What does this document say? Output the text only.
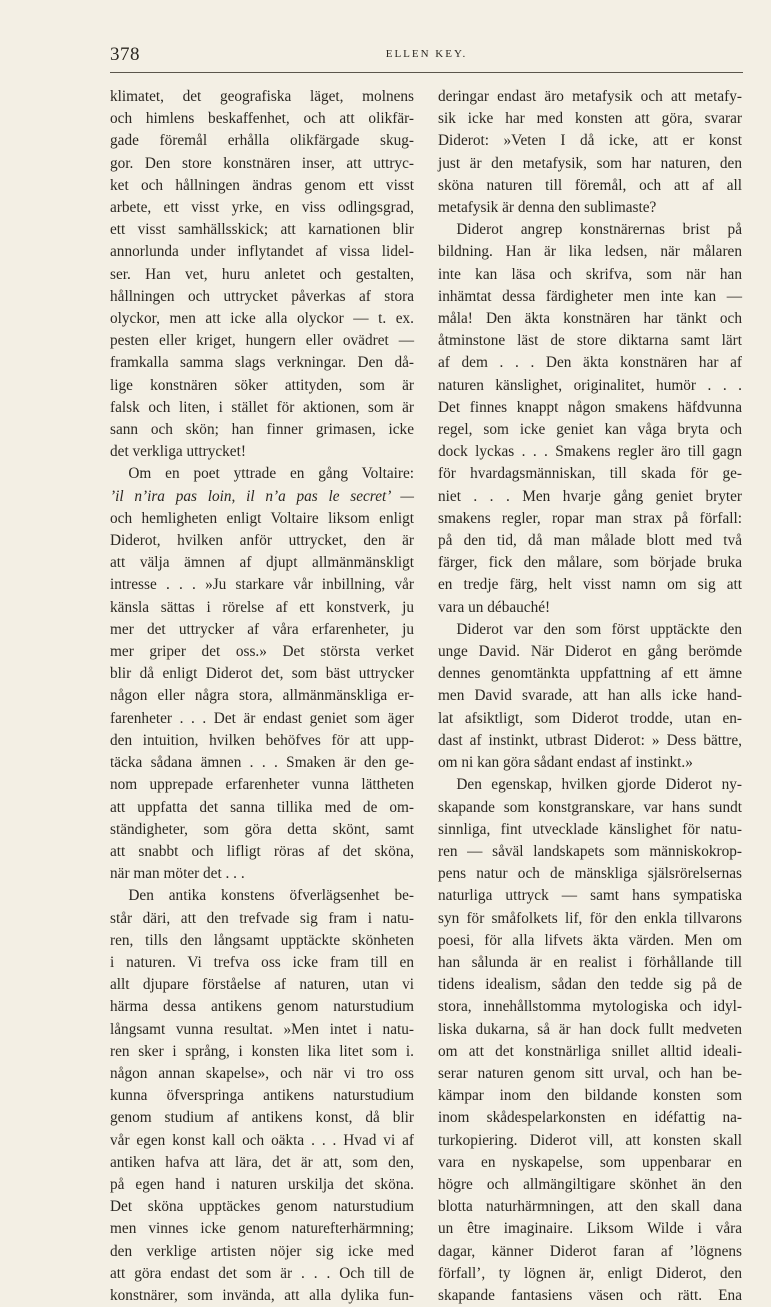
378	ELLEN KEY.

klimatet, det geografiska läget, molnens

och himlens beskaffenhet, och att olikfär-

gade föremål erhålla olikfärgade skug-

gor. Den store konstnären inser, att uttryc-

ket och hållningen ändras genom ett visst

arbete, ett visst yrke, en viss odlingsgrad,

ett visst samhällsskick; att karnationen blir

annorlunda under inflytandet af vissa lidel-

ser. Han vet, huru anletet och gestalten,

hållningen och uttrycket påverkas af stora

olyckor, men att icke alla olyckor — t. ex.

pesten eller kriget, hungern eller ovädret —

framkalla samma slags verkningar. Den då-

lige konstnären söker attityden, som är

falsk och liten, i stället för aktionen, som är

sann och skön; han finner grimasen, icke

det verkliga uttrycket!

Om en poet yttrade en gång Voltaire:

’il n’ira pas loin, il n’a pas le secret’ —

och hemligheten enligt Voltaire liksom enligt

Diderot, hvilken anför uttrycket, den är

att välja ämnen af djupt allmänmänskligt

intresse . . . »Ju starkare vår inbillning, vår

känsla sättas i rörelse af ett konstverk, ju

mer det uttrycker af våra erfarenheter, ju

mer griper det oss.» Det största verket

blir då enligt Diderot det, som bäst uttrycker

någon eller några stora, allmänmänskliga er-

farenheter . . . Det är endast geniet som äger

den intuition, hvilken behöfves för att upp-

täcka sådana ämnen . . . Smaken är den ge-

nom upprepade erfarenheter vunna lättheten

att uppfatta det sanna tillika med de om-

ständigheter, som göra detta skönt, samt

att snabbt och lifligt röras af det sköna,

när man möter det . . .

Den antika konstens öfverlägsenhet be-

står däri, att den trefvade sig fram i natu-

ren, tills den långsamt upptäckte skönheten

i naturen. Vi trefva oss icke fram till en

allt djupare förståelse af naturen, utan vi

härma dessa antikens genom naturstudium

långsamt vunna resultat. »Men intet i natu-

ren sker i språng, i konsten lika litet som i.

någon annan skapelse», och när vi tro oss

kunna öfverspringa antikens naturstudium

genom studium af antikens konst, då blir

vår egen konst kall och oäkta . . . Hvad vi af

antiken hafva att lära, det är att, som den,

på egen hand i naturen urskilja det sköna.

Det sköna upptäckes genom naturstudium

men vinnes icke genom naturefterhärmning;

den verklige artisten nöjer sig icke med

att göra endast det som är . . . Och till de

konstnärer, som invända, att alla dylika fun-

deringar endast äro metafysik och att metafy-

sik icke har med konsten att göra, svarar

Diderot: »Veten I då icke, att er konst

just är den metafysik, som har naturen, den

sköna naturen till föremål, och att af all

metafysik är denna den sublimaste?

Diderot angrep konstnärernas brist på

bildning. Han är lika ledsen, när målaren

inte kan läsa och skrifva, som när han

inhämtat dessa färdigheter men inte kan —

måla! Den äkta konstnären har tänkt och

åtminstone läst de store diktarna samt lärt

af dem . . . Den äkta konstnären har af

naturen känslighet, originalitet, humör . . .

Det finnes knappt någon smakens häfdvunna

regel, som icke geniet kan våga bryta och

dock lyckas . . . Smakens regler äro till gagn

för hvardagsmänniskan, till skada för ge-

niet . . . Men hvarje gång geniet bryter

smakens regler, ropar man strax på förfall:

på den tid, då man målade blott med två

färger, fick den målare, som började bruka

en tredje färg, helt visst namn om sig att

vara un débauché!

Diderot var den som först upptäckte den

unge David. När Diderot en gång berömde

dennes genomtänkta uppfattning af ett ämne

men David svarade, att han alls icke hand-

lat afsiktligt, som Diderot trodde, utan en-

dast af instinkt, utbrast Diderot: » Dess bättre,

om ni kan göra sådant endast af instinkt.»

Den egenskap, hvilken gjorde Diderot ny-

skapande som konstgranskare, var hans sundt

sinnliga, fint utvecklade känslighet för natu-

ren — såväl landskapets som människokrop-

pens natur och de mänskliga själsrörelsernas

naturliga uttryck — samt hans sympatiska

syn för småfolkets lif, för den enkla tillvarons

poesi, för alla lifvets äkta värden. Men om

han sålunda är en realist i förhållande till

tidens idealism, sådan den tedde sig på de

stora, innehållstomma mytologiska och idyl-

liska dukarna, så är han dock fullt medveten

om att det konstnärliga snillet alltid ideali-

serar naturen genom sitt urval, och han be-

kämpar inom den bildande konsten som

inom skådespelarkonsten en idéfattig na-

turkopiering. Diderot vill, att konsten skall

vara en nyskapelse, som uppenbarar en

högre och allmängiltigare skönhet än den

blotta naturhärmningen, att den skall dana

un être imaginaire. Liksom Wilde i våra

dagar, känner Diderot faran af ’lögnens

förfall’, ty lögnen är, enligt Diderot, den

skapande fantasiens väsen och rätt. Ena
